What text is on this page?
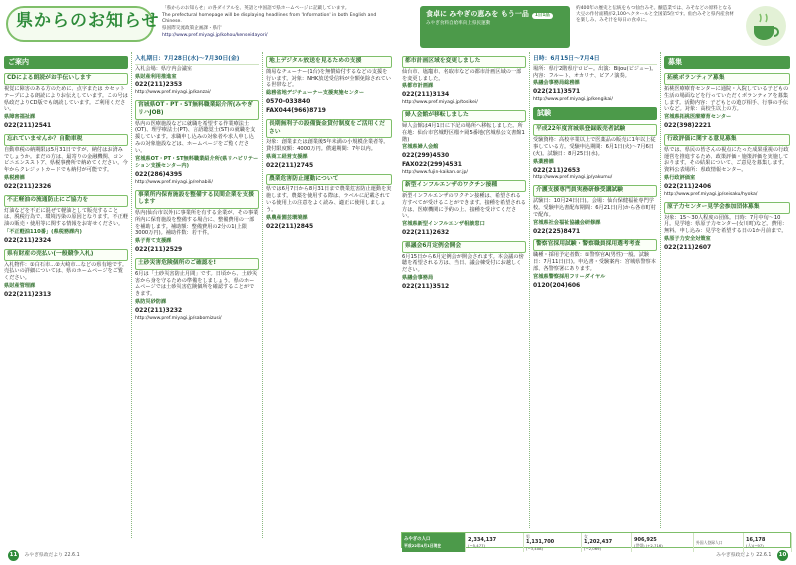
県からのお知らせ

「県からのお知らせ」の各ダイアルを、英語と中国語で県ホームページに記載しています。

The prefectural homepage will be displaying headlines from 'Information' in both English and Chinese.

県国際交流政策企画課・県庁

http://www.pref.miyagi.jp/kohou/kenseidayori/

ご案内
CDによる朗読がお手伝いします

視覚に障害のある方のために、点字または カセットテープによる朗読によりお伝えしています。この号は県政だよりCD版でも朗読しています。ご利用ください。

県障害福祉課

022(211)2541

忘れていませんか？自動車税

自動車税の納期限は5月31日ですが、納付はお済みでしょうか。まだの方は、最寄りの金融機関、コンビニエンスストア、県税事務所で納めてください。今年からクレジットカードでも納付が可能です。

県税務課

022(211)2326

不正軽油の流通防止にご協力を

灯油などを不正に混ぜて軽油として販売することは、脱税行為で、環境汚染の原因となります。不正軽油の販売・使用等に関する情報をお寄せください。

「不正軽油110番」(県税務課内)

022(211)2324

県有財産の売払い(一般競争入札)

入札物件：①白石市…②大崎市…などの県有地です。売払いの詳細については、県のホームページをご覧ください。

県財産管理課

022(211)2313

入札期日：7月28日(水)〜7月30日(金)

入札会場：県庁内会議室

県財産利用推進室

022(211)2353

http://www.pref.miyagi.jp/kanzai/

宮城県OT・PT・ST無料職業紹介所(みやぎリハJOB)

県内の医療施設などに就職を希望する作業療法士(OT)、理学療法士(PT)、言語聴覚士(ST)の就職を支援しています。求職申し込みの対象者や求人申し込みの対象施設などは、ホームページをご覧ください。

宮城県OT・PT・ST無料職業紹介所(県リハビリテーション支援センター内)

022(286)4395

http://www.pref.miyagi.jp/rehabili/

事業所内保育施設を整備する民間企業を支援します

県内(仙台市以外)に事業所を有する企業が、その事業所内に保育施設を整備する場合に、整備費用の一部を補助します。補助額：整備費用の2分の1(上限3000万円)。補助件数：若干件。

県子育て支援課

022(211)2529

土砂災害危険個所のご確認を!

6月は「土砂災害防止月間」です。日頃から、土砂災害から身を守るための準備をしましょう。県のホームページでは土砂災害危険個所を確認することができます。

県防災砂防課

022(211)3232

http://www.pref.miyagi.jp/sabomizusi/

地上デジタル放送を見るための支援

簡易なチューナー(1台)を無償給付するなどの支援を行います。対象：NHK放送受信料が全額免除されている世帯など。

総務省地デジチューナー支援実施センター

0570-033840

FAX044(966)8719

長期無利子の設備資金貸付制度をご活用ください

対象：創業または創業後5年未満の小規模企業者等。貸付限度額：4000万円。償還期間：7年以内。

県商工経営支援課

022(211)2745

農業危害防止運動について

県では6月7日から8月31日まで農業危害防止運動を実施します。農薬を使用する際は、ラベルに記載されている使用上の注意をよく読み、適正に使用しましょう。

県農産園芸環境課

022(211)2845

11 みやぎ県政だより 22.6.1
食卓に みやぎの恵みを もう一品 1日1品
みやぎ食料自給率向上県民運動
約400年の歴史と伝統をもつ仙台みそ。醸造業では、みそなどの原料となる大豆の作付面積が2,100ヘクタールと全国第5位です。仙台みそと県内産食材を楽しみ、みそ汁を毎日の食卓に。
都市計画区域を変更しました

仙台市、塩竈市、名取市などの都市計画区域の一部を変更しました。

県都市計画課

022(211)3134

http://www.pref.miyagi.jp/tosikei/

婦人会館が移転しました

婦人会館は4月1日に下記の場所へ移転しました。所在地：仙台市宮城野区榴ケ岡5番地(宮城県公文書館1階)

宮城県婦人会館

022(299)4530

FAX022(299)4531

http://www.fujin-kaikan.or.jp/

新型インフルエンザのワクチン接種

新型インフルエンザのワクチン接種は、希望される方すべてが受けることができます。接種を希望される方は、医療機関に予約の上、接種を受けてください。

宮城県新型インフルエンザ相談窓口

022(211)2632

県議会6月定例会開会

6月15日から6月定例会が開会されます。本会議の傍聴を希望される方は、当日、議会棟受付にお越しください。

県議会事務局

022(211)3512

日時：6月15日〜7月4日

場所：県庁2階県庁ロビー。出演：Bijou(ビジュー)。内容：フルート、オカリナ、ピアノ演奏。

県議会事務局総務課

022(211)3571

http://www.pref.miyagi.jp/kengikai/

試験
平成22年度宮城県登録販売者試験

受験資格：高校卒業以上で医薬品の販売に1年以上従事している方。受験申込期間：6月1日(火)〜7月6日(火)。試験日：8月25日(水)。

県薬務課

022(211)2653

http://www.pref.miyagi.jp/yakumu/

介護支援専門員実務研修受講試験

試験日：10月24日(日)。会場：仙台保健福祉専門学校。受験申込書配布期間：6月21日(月)から各市町村で配布。

宮城県社会福祉協議会研修課

022(225)8471

警察官採用試験・警察職員採用選考考査

職種・採用予定者数：①警察官A(男性)一般。試験日：7月11日(日)。申込書・受験案内：宮城県警察本部、各警察署にあります。

宮城県警察採用フリーダイヤル

0120(204)606

募集
拓桃ボランティア募集

拓桃医療療育センターに通院・入院している子どもの生活の場面などを行っていただくボランティアを募集します。活動内容：子どもとの遊び相手、行事の手伝いなど。対象：高校生以上の方。

宮城県拓桃医療療育センター

022(398)2221

行政評価に関する意見募集

県では、県民の皆さんの視点にたった成果重視の行政運営を推進するため、政策評価・施策評価を実施しております。その結果について、ご意見を募集します。資料公表場所：県政情報センター。

県行政評価室

022(211)2406

http://www.pref.miyagi.jp/seisaku/hyoka/

原子力センター見学会参加団体募集

対象：15〜30人程度の団体。日時：7月中旬〜10月。見学地：県原子力センター(女川町)など。費用：無料。申し込み：見学を希望する日の1か月前まで。

県原子力安全対策室

022(211)2607

みやぎの人口
平成22年4月1日現在
2,334,137
(−5,477)
男
1,131,700
(−3,408)
女
1,202,437
(−2,069)
906,925
(世帯) (+2,716)
外国人登録人口	16,178
(人)(−97)
みやぎ県政だより 22.6.1 10
